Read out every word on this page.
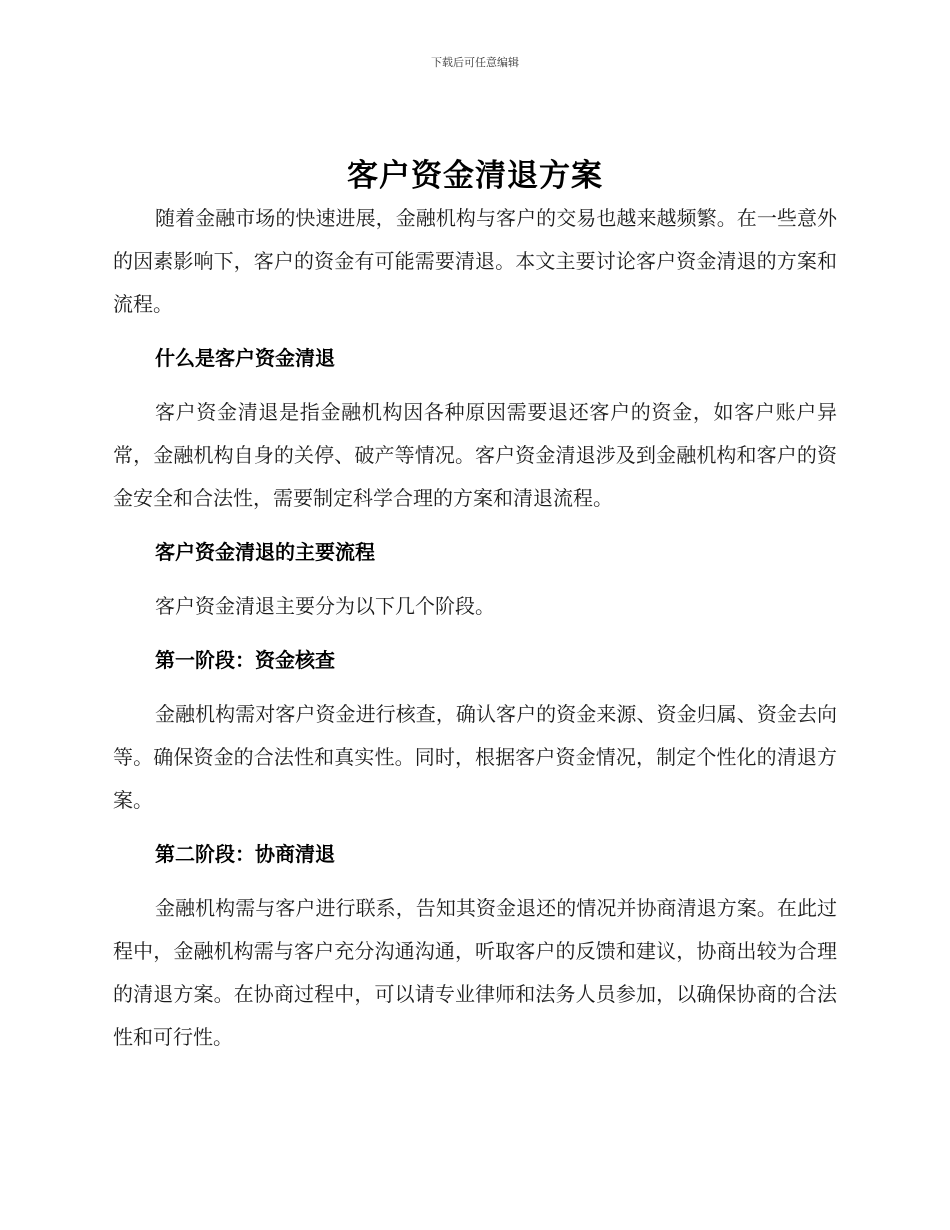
下载后可任意编辑
客户资金清退方案

随着金融市场的快速进展，金融机构与客户的交易也越来越频繁。在一些意外的因素影响下，客户的资金有可能需要清退。本文主要讨论客户资金清退的方案和流程。

什么是客户资金清退

客户资金清退是指金融机构因各种原因需要退还客户的资金，如客户账户异常，金融机构自身的关停、破产等情况。客户资金清退涉及到金融机构和客户的资金安全和合法性，需要制定科学合理的方案和清退流程。

客户资金清退的主要流程

客户资金清退主要分为以下几个阶段。

第一阶段：资金核查

金融机构需对客户资金进行核查，确认客户的资金来源、资金归属、资金去向等。确保资金的合法性和真实性。同时，根据客户资金情况，制定个性化的清退方案。

第二阶段：协商清退

金融机构需与客户进行联系，告知其资金退还的情况并协商清退方案。在此过程中，金融机构需与客户充分沟通沟通，听取客户的反馈和建议，协商出较为合理的清退方案。在协商过程中，可以请专业律师和法务人员参加，以确保协商的合法性和可行性。
